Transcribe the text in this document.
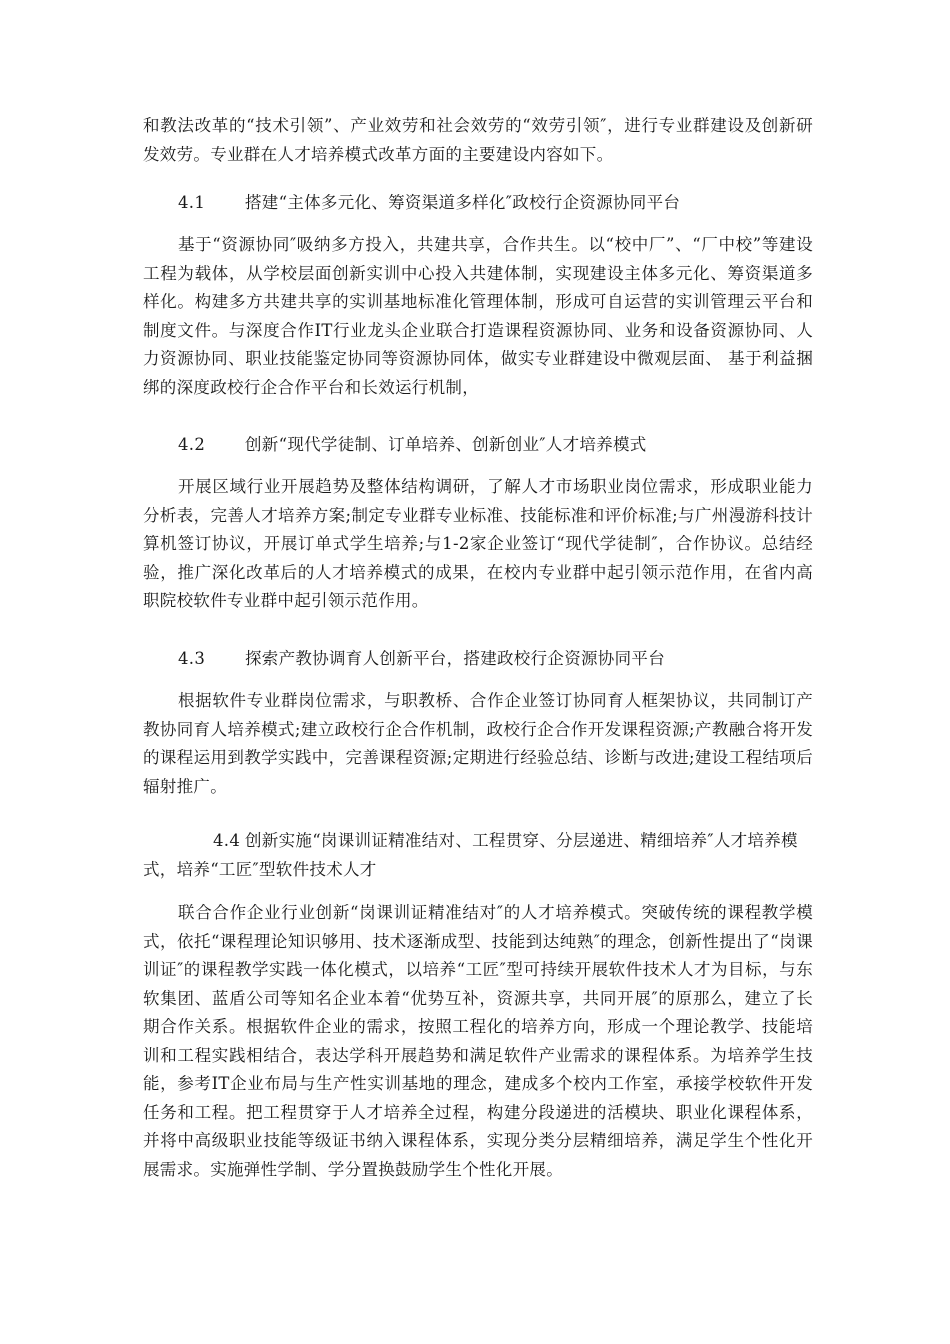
和教法改革的“技术引领”、产业效劳和社会效劳的“效劳引领″，进行专业群建设及创新研发效劳。专业群在人才培养模式改革方面的主要建设内容如下。

4.1 搭建“主体多元化、筹资渠道多样化″政校行企资源协同平台

基于“资源协同″吸纳多方投入，共建共享，合作共生。以“校中厂”、“厂中校”等建设工程为载体，从学校层面创新实训中心投入共建体制，实现建设主体多元化、筹资渠道多样化。构建多方共建共享的实训基地标准化管理体制，形成可自运营的实训管理云平台和制度文件。与深度合作IT行业龙头企业联合打造课程资源协同、业务和设备资源协同、人力资源协同、职业技能鉴定协同等资源协同体，做实专业群建设中微观层面、 基于利益捆绑的深度政校行企合作平台和长效运行机制，

4.2 创新“现代学徒制、订单培养、创新创业″人才培养模式

开展区域行业开展趋势及整体结构调研，了解人才市场职业岗位需求，形成职业能力分析表，完善人才培养方案;制定专业群专业标准、技能标准和评价标准;与广州漫游科技计算机签订协议，开展订单式学生培养;与1-2家企业签订“现代学徒制″，合作协议。总结经验，推广深化改革后的人才培养模式的成果，在校内专业群中起引领示范作用，在省内高职院校软件专业群中起引领示范作用。

4.3 探索产教协调育人创新平台，搭建政校行企资源协同平台

根据软件专业群岗位需求，与职教桥、合作企业签订协同育人框架协议，共同制订产教协同育人培养模式;建立政校行企合作机制，政校行企合作开发课程资源;产教融合将开发的课程运用到教学实践中，完善课程资源;定期进行经验总结、诊断与改进;建设工程结项后辐射推广。

4.4 创新实施“岗课训证精准结对、工程贯穿、分层递进、精细培养″人才培养模式，培养“工匠″型软件技术人才

联合合作企业行业创新“岗课训证精准结对″的人才培养模式。突破传统的课程教学模式，依托“课程理论知识够用、技术逐渐成型、技能到达纯熟″的理念，创新性提出了“岗课训证″的课程教学实践一体化模式，以培养“工匠″型可持续开展软件技术人才为目标，与东软集团、蓝盾公司等知名企业本着“优势互补，资源共享，共同开展″的原那么，建立了长期合作关系。根据软件企业的需求，按照工程化的培养方向，形成一个理论教学、技能培训和工程实践相结合，表达学科开展趋势和满足软件产业需求的课程体系。为培养学生技能，参考IT企业布局与生产性实训基地的理念，建成多个校内工作室，承接学校软件开发任务和工程。把工程贯穿于人才培养全过程，构建分段递进的活模块、职业化课程体系，并将中高级职业技能等级证书纳入课程体系，实现分类分层精细培养，满足学生个性化开展需求。实施弹性学制、学分置换鼓励学生个性化开展。
